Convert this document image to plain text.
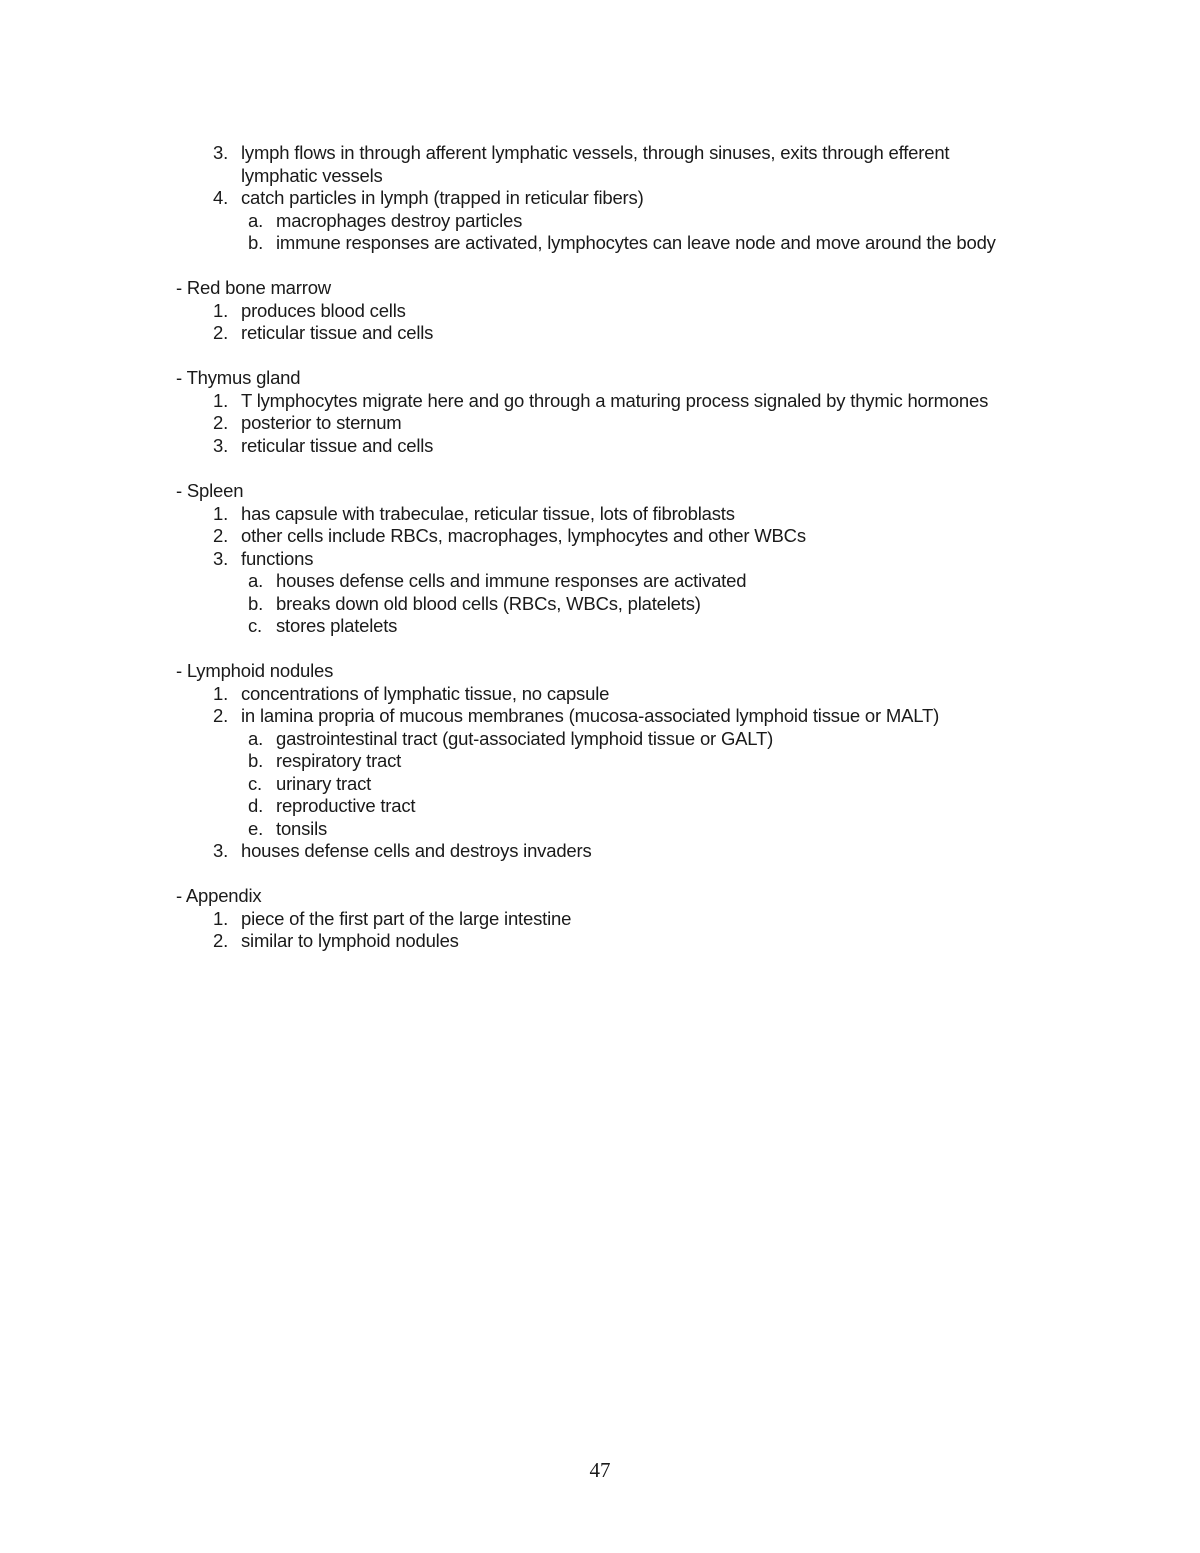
3. lymph flows in through afferent lymphatic vessels, through sinuses, exits through efferent
lymphatic vessels
4. catch particles in lymph (trapped in reticular fibers)
a. macrophages destroy particles
b. immune responses are activated, lymphocytes can leave node and move around the body
- Red bone marrow
1. produces blood cells
2. reticular tissue and cells
- Thymus gland
1. T lymphocytes migrate here and go through a maturing process signaled by thymic hormones
2. posterior to sternum
3. reticular tissue and cells
- Spleen
1. has capsule with trabeculae, reticular tissue, lots of fibroblasts
2. other cells include RBCs, macrophages, lymphocytes and other WBCs
3. functions
a. houses defense cells and immune responses are activated
b. breaks down old blood cells (RBCs, WBCs, platelets)
c. stores platelets
- Lymphoid nodules
1. concentrations of lymphatic tissue, no capsule
2. in lamina propria of mucous membranes (mucosa-associated lymphoid tissue or MALT)
a. gastrointestinal tract (gut-associated lymphoid tissue or GALT)
b. respiratory tract
c. urinary tract
d. reproductive tract
e. tonsils
3. houses defense cells and destroys invaders
- Appendix
1. piece of the first part of the large intestine
2. similar to lymphoid nodules
47
